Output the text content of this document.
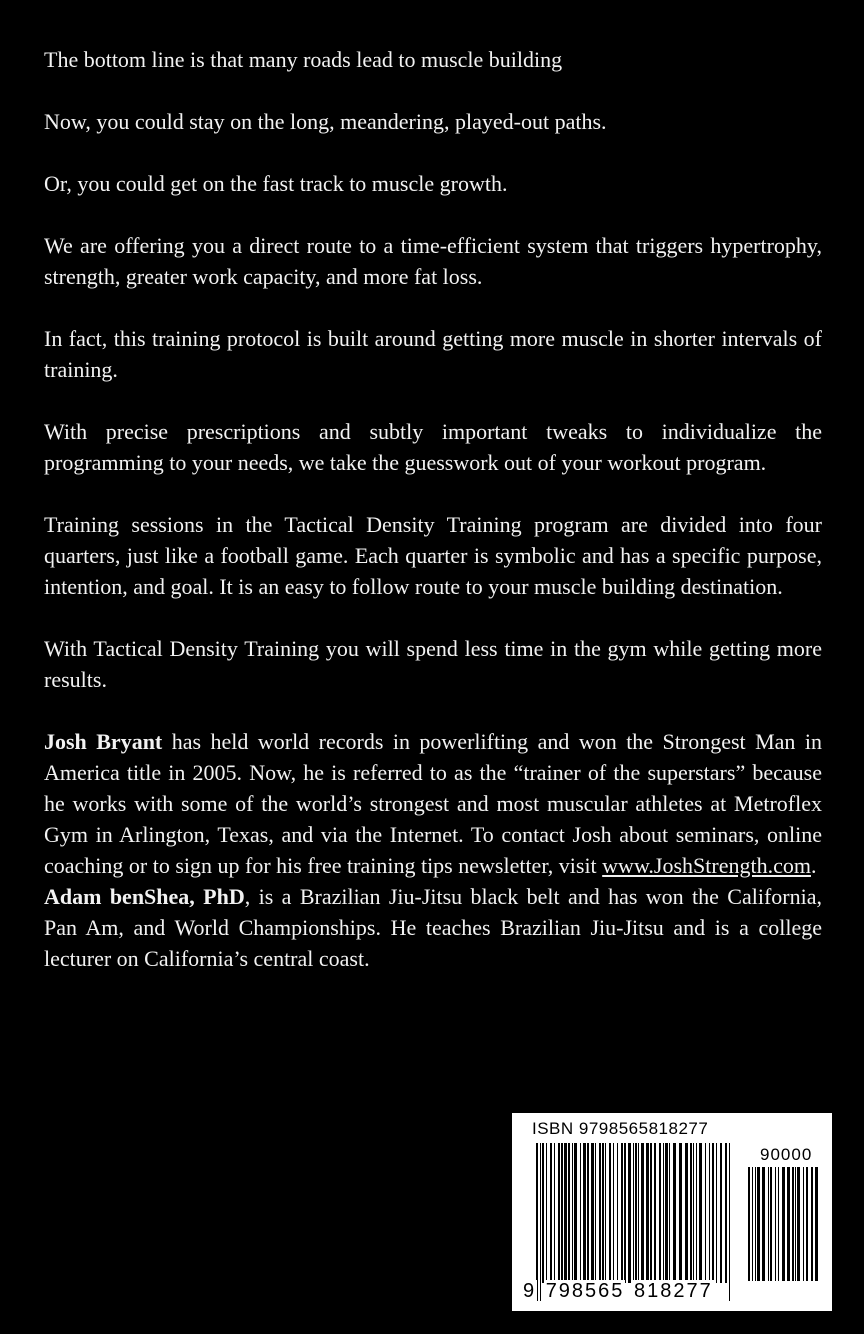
The bottom line is that many roads lead to muscle building

Now, you could stay on the long, meandering, played-out paths.

Or, you could get on the fast track to muscle growth.

We are offering you a direct route to a time-efficient system that triggers hypertrophy, strength, greater work capacity, and more fat loss.

In fact, this training protocol is built around getting more muscle in shorter intervals of training.

With precise prescriptions and subtly important tweaks to individualize the programming to your needs, we take the guesswork out of your workout program.

Training sessions in the Tactical Density Training program are divided into four quarters, just like a football game. Each quarter is symbolic and has a specific purpose, intention, and goal. It is an easy to follow route to your muscle building destination.

With Tactical Density Training you will spend less time in the gym while getting more results.

Josh Bryant has held world records in powerlifting and won the Strongest Man in America title in 2005. Now, he is referred to as the “trainer of the superstars” because he works with some of the world’s strongest and most muscular athletes at Metroflex Gym in Arlington, Texas, and via the Internet. To contact Josh about seminars, online coaching or to sign up for his free training tips newsletter, visit www.JoshStrength.com.

Adam benShea, PhD, is a Brazilian Jiu-Jitsu black belt and has won the California, Pan Am, and World Championships. He teaches Brazilian Jiu-Jitsu and is a college lecturer on California’s central coast.

ISBN 9798565818277
90000
9 798565 818277
